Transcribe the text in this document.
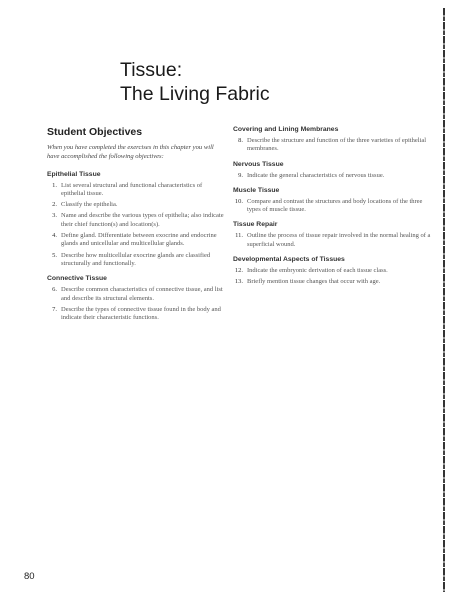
Tissue:
The Living Fabric
Student Objectives

When you have completed the exercises in this chapter you will have accomplished the following objectives:

Epithelial Tissue
1. List several structural and functional characteristics of epithelial tissue.
2. Classify the epithelia.
3. Name and describe the various types of epithelia; also indicate their chief function(s) and location(s).
4. Define gland. Differentiate between exocrine and endocrine glands and unicellular and multicellular glands.
5. Describe how multicellular exocrine glands are classified structurally and functionally.
Connective Tissue
6. Describe common characteristics of connective tissue, and list and describe its structural elements.
7. Describe the types of connective tissue found in the body and indicate their characteristic functions.
Covering and Lining Membranes
8. Describe the structure and function of the three varieties of epithelial membranes.
Nervous Tissue
9. Indicate the general characteristics of nervous tissue.
Muscle Tissue
10. Compare and contrast the structures and body locations of the three types of muscle tissue.
Tissue Repair
11. Outline the process of tissue repair involved in the normal healing of a superficial wound.
Developmental Aspects of Tissues
12. Indicate the embryonic derivation of each tissue class.
13. Briefly mention tissue changes that occur with age.
80
